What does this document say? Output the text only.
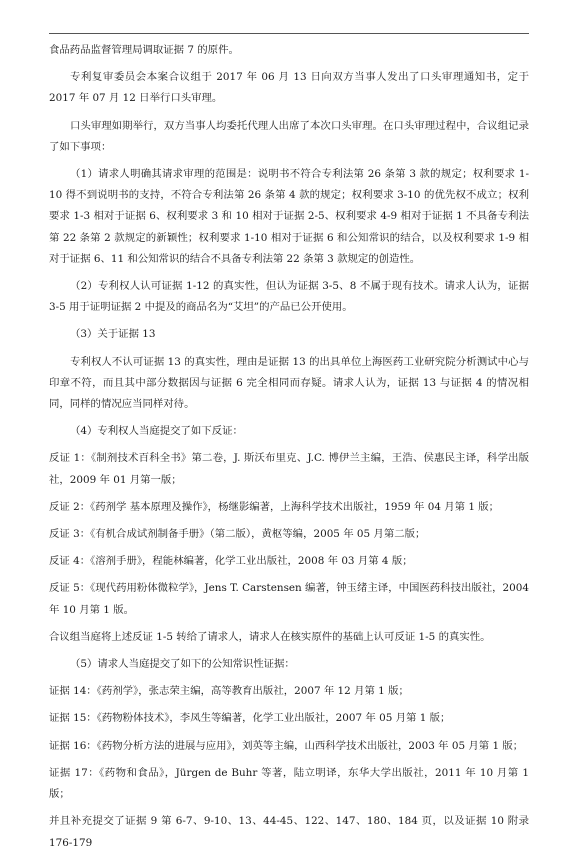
食品药品监督管理局调取证据 7 的原件。

专利复审委员会本案合议组于 2017 年 06 月 13 日向双方当事人发出了口头审理通知书，定于 2017 年 07 月 12 日举行口头审理。

口头审理如期举行，双方当事人均委托代理人出席了本次口头审理。在口头审理过程中，合议组记录了如下事项：

（1）请求人明确其请求审理的范围是：说明书不符合专利法第 26 条第 3 款的规定；权利要求 1-10 得不到说明书的支持，不符合专利法第 26 条第 4 款的规定；权利要求 3-10 的优先权不成立；权利要求 1-3 相对于证据 6、权利要求 3 和 10 相对于证据 2-5、权利要求 4-9 相对于证据 1 不具备专利法第 22 条第 2 款规定的新颖性；权利要求 1-10 相对于证据 6 和公知常识的结合，以及权利要求 1-9 相对于证据 6、11 和公知常识的结合不具备专利法第 22 条第 3 款规定的创造性。

（2）专利权人认可证据 1-12 的真实性，但认为证据 3-5、8 不属于现有技术。请求人认为，证据 3-5 用于证明证据 2 中提及的商品名为“艾坦”的产品已公开使用。

（3）关于证据 13

专利权人不认可证据 13 的真实性，理由是证据 13 的出具单位上海医药工业研究院分析测试中心与印章不符，而且其中部分数据因与证据 6 完全相同而存疑。请求人认为，证据 13 与证据 4 的情况相同，同样的情况应当同样对待。

（4）专利权人当庭提交了如下反证：

反证 1：《制剂技术百科全书》第二卷，J. 斯沃布里克、J.C. 博伊兰主编，王浩、侯惠民主译，科学出版社，2009 年 01 月第一版；

反证 2：《药剂学 基本原理及操作》，杨继影编著，上海科学技术出版社，1959 年 04 月第 1 版；

反证 3：《有机合成试剂制备手册》（第二版），黄枢等编，2005 年 05 月第二版；

反证 4：《溶剂手册》，程能林编著，化学工业出版社，2008 年 03 月第 4 版；

反证 5：《现代药用粉体微粒学》，Jens T. Carstensen 编著，钟玉绪主译，中国医药科技出版社，2004 年 10 月第 1 版。

合议组当庭将上述反证 1-5 转给了请求人，请求人在核实原件的基础上认可反证 1-5 的真实性。

（5）请求人当庭提交了如下的公知常识性证据：

证据 14：《药剂学》，张志荣主编，高等教育出版社，2007 年 12 月第 1 版；

证据 15：《药物粉体技术》，李凤生等编著，化学工业出版社，2007 年 05 月第 1 版；

证据 16：《药物分析方法的进展与应用》，刘英等主编，山西科学技术出版社，2003 年 05 月第 1 版；

证据 17：《药物和食品》，Jürgen de Buhr 等著，陆立明译，东华大学出版社，2011 年 10 月第 1 版；

并且补充提交了证据 9 第 6-7、9-10、13、44-45、122、147、180、184 页，以及证据 10 附录 176-179
